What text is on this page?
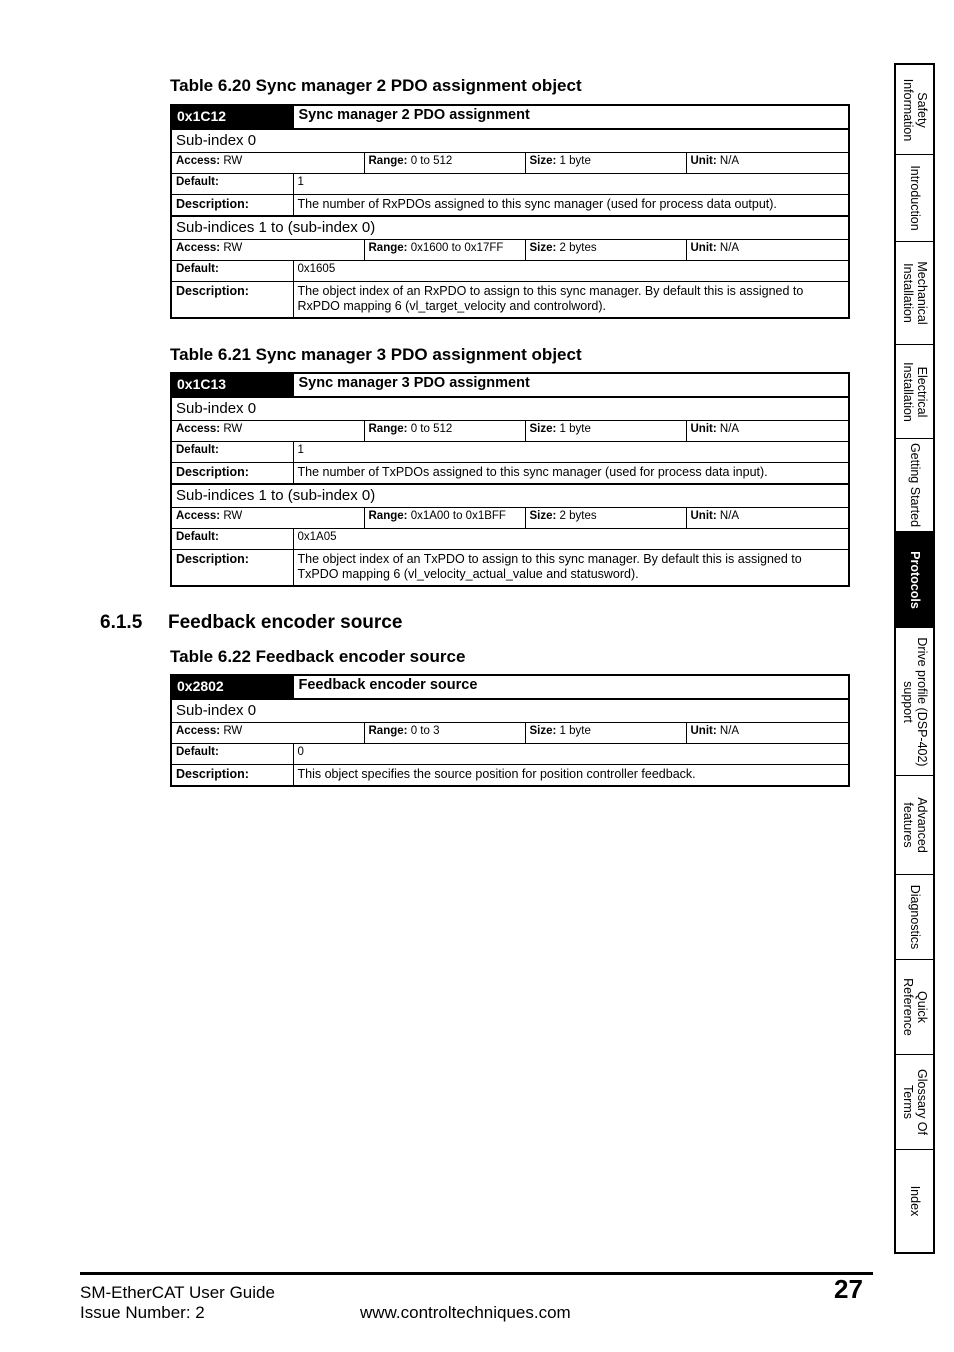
Table 6.20 Sync manager 2 PDO assignment object
0x1C12	Sync manager 2 PDO assignment			
Sub-index 0				
Access: RW		Range: 0 to 512	Size: 1 byte	Unit: N/A
Default:	1			
Description:	The number of RxPDOs assigned to this sync manager (used for process data output).			
Sub-indices 1 to (sub-index 0)				
Access: RW		Range: 0x1600 to 0x17FF	Size: 2 bytes	Unit: N/A
Default:	0x1605			
Description:	The object index of an RxPDO to assign to this sync manager. By default this is assigned to RxPDO mapping 6 (vl_target_velocity and controlword).			
Table 6.21 Sync manager 3 PDO assignment object
0x1C13	Sync manager 3 PDO assignment			
Sub-index 0				
Access: RW		Range: 0 to 512	Size: 1 byte	Unit: N/A
Default:	1			
Description:	The number of TxPDOs assigned to this sync manager (used for process data input).			
Sub-indices 1 to (sub-index 0)				
Access: RW		Range: 0x1A00 to 0x1BFF	Size: 2 bytes	Unit: N/A
Default:	0x1A05			
Description:	The object index of an TxPDO to assign to this sync manager. By default this is assigned to TxPDO mapping 6 (vl_velocity_actual_value and statusword).			
6.1.5 Feedback encoder source
Table 6.22 Feedback encoder source
0x2802	Feedback encoder source			
Sub-index 0				
Access: RW		Range: 0 to 3	Size: 1 byte	Unit: N/A
Default:	0			
Description:	This object specifies the source position for position controller feedback.			
Safety
Information
Introduction
Mechanical
Installation
Electrical
Installation
Getting Started
Protocols
Drive profile (DSP-402)
support
Advanced
features
Diagnostics
Quick
Reference
Glossary Of
Terms
Index
SM-EtherCAT User Guide
Issue Number: 2	www.controltechniques.com
27
